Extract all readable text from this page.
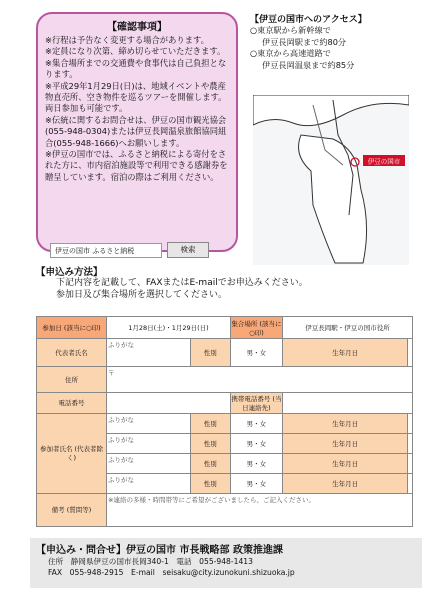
【確認事項】
※行程は予告なく変更する場合があります。
※定員になり次第、締め切らせていただきます。
※集合場所までの交通費や食事代は自己負担となります。
※平成29年1月29日(日)は、地域イベントや農産物直売所、空き物件を巡るツアーを開催します。両日参加も可能です。
※伝統に関するお問合せは、伊豆の国市観光協会(055-948-0304)または伊豆長岡温泉旅館協同組合(055-948-1666)へお願いします。
※伊豆の国市では、ふるさと納税による寄付をされた方に、市内宿泊施設等で利用できる感謝券を贈呈しています。宿泊の際はご利用ください。
伊豆の国市 ふるさと納税	検索
【伊豆の国市へのアクセス】
○東京駅から新幹線で
伊豆長岡駅まで約80分
○東京から高速道路で
伊豆長岡温泉まで約85分
伊豆の国市
【申込み方法】
下記内容を記載して、FAXまたはE-mailでお申込みください。
参加日及び集合場所を選択してください。
参加日 (該当に○印)	1月28日(土)・1月29日(日)		集合場所 (該当に○印)	伊豆長岡駅・伊豆の国市役所	
代表者氏名	ふりがな	性別	男・女	生年月日	
住所	〒				
電話番号			携帯電話番号 (当日連絡先)		
参加者氏名 (代表者除く)	ふりがな	性別	男・女	生年月日	
	ふりがな	性別	男・女	生年月日	
	ふりがな	性別	男・女	生年月日	
	ふりがな	性別	男・女	生年月日	
備考 (質問等)	※連絡の多様・時間帯等にご希望がございましたら、ご記入ください。				
【申込み・問合せ】伊豆の国市 市長戦略部 政策推進課
住所　静岡県伊豆の国市長岡340-1　電話　055-948-1413
FAX　055-948-2915　E-mail　seisaku@city.izunokuni.shizuoka.jp
